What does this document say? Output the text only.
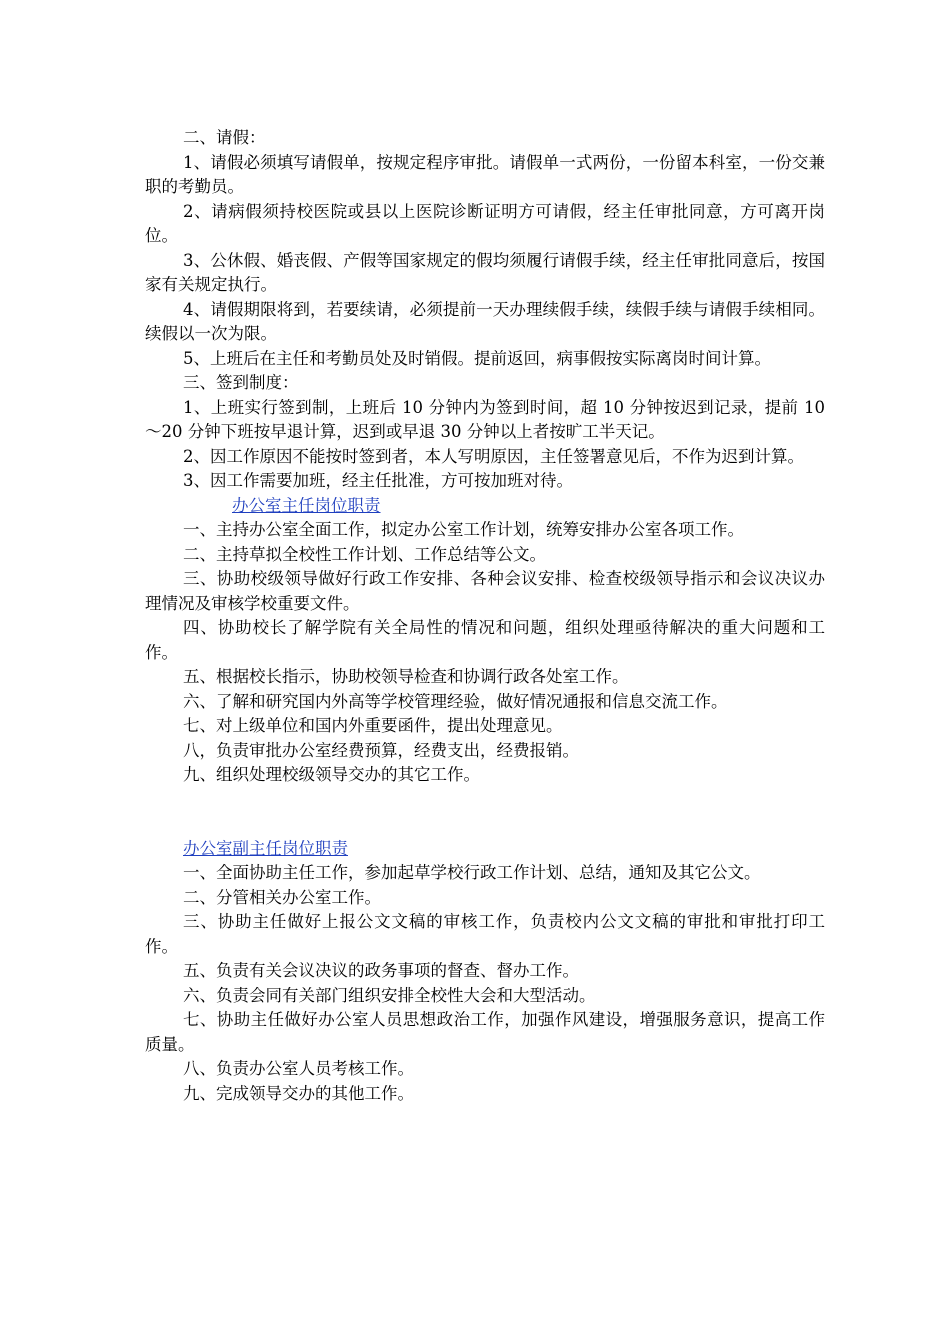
二、请假：

1、请假必须填写请假单，按规定程序审批。请假单一式两份，一份留本科室，一份交兼职的考勤员。

2、请病假须持校医院或县以上医院诊断证明方可请假，经主任审批同意，方可离开岗位。

3、公休假、婚丧假、产假等国家规定的假均须履行请假手续，经主任审批同意后，按国家有关规定执行。

4、请假期限将到，若要续请，必须提前一天办理续假手续，续假手续与请假手续相同。续假以一次为限。

5、上班后在主任和考勤员处及时销假。提前返回，病事假按实际离岗时间计算。

三、签到制度：

1、上班实行签到制，上班后 10 分钟内为签到时间，超 10 分钟按迟到记录，提前 10～20 分钟下班按早退计算，迟到或早退 30 分钟以上者按旷工半天记。

2、因工作原因不能按时签到者，本人写明原因，主任签署意见后，不作为迟到计算。

3、因工作需要加班，经主任批准，方可按加班对待。

办公室主任岗位职责

一、主持办公室全面工作，拟定办公室工作计划，统筹安排办公室各项工作。

二、主持草拟全校性工作计划、工作总结等公文。

三、协助校级领导做好行政工作安排、各种会议安排、检查校级领导指示和会议决议办理情况及审核学校重要文件。

四、协助校长了解学院有关全局性的情况和问题，组织处理亟待解决的重大问题和工作。

五、根据校长指示，协助校领导检查和协调行政各处室工作。

六、了解和研究国内外高等学校管理经验，做好情况通报和信息交流工作。

七、对上级单位和国内外重要函件，提出处理意见。

八，负责审批办公室经费预算，经费支出，经费报销。

九、组织处理校级领导交办的其它工作。

办公室副主任岗位职责

一、全面协助主任工作，参加起草学校行政工作计划、总结，通知及其它公文。

二、分管相关办公室工作。

三、协助主任做好上报公文文稿的审核工作，负责校内公文文稿的审批和审批打印工作。

五、负责有关会议决议的政务事项的督查、督办工作。

六、负责会同有关部门组织安排全校性大会和大型活动。

七、协助主任做好办公室人员思想政治工作，加强作风建设，增强服务意识，提高工作质量。

八、负责办公室人员考核工作。

九、完成领导交办的其他工作。
